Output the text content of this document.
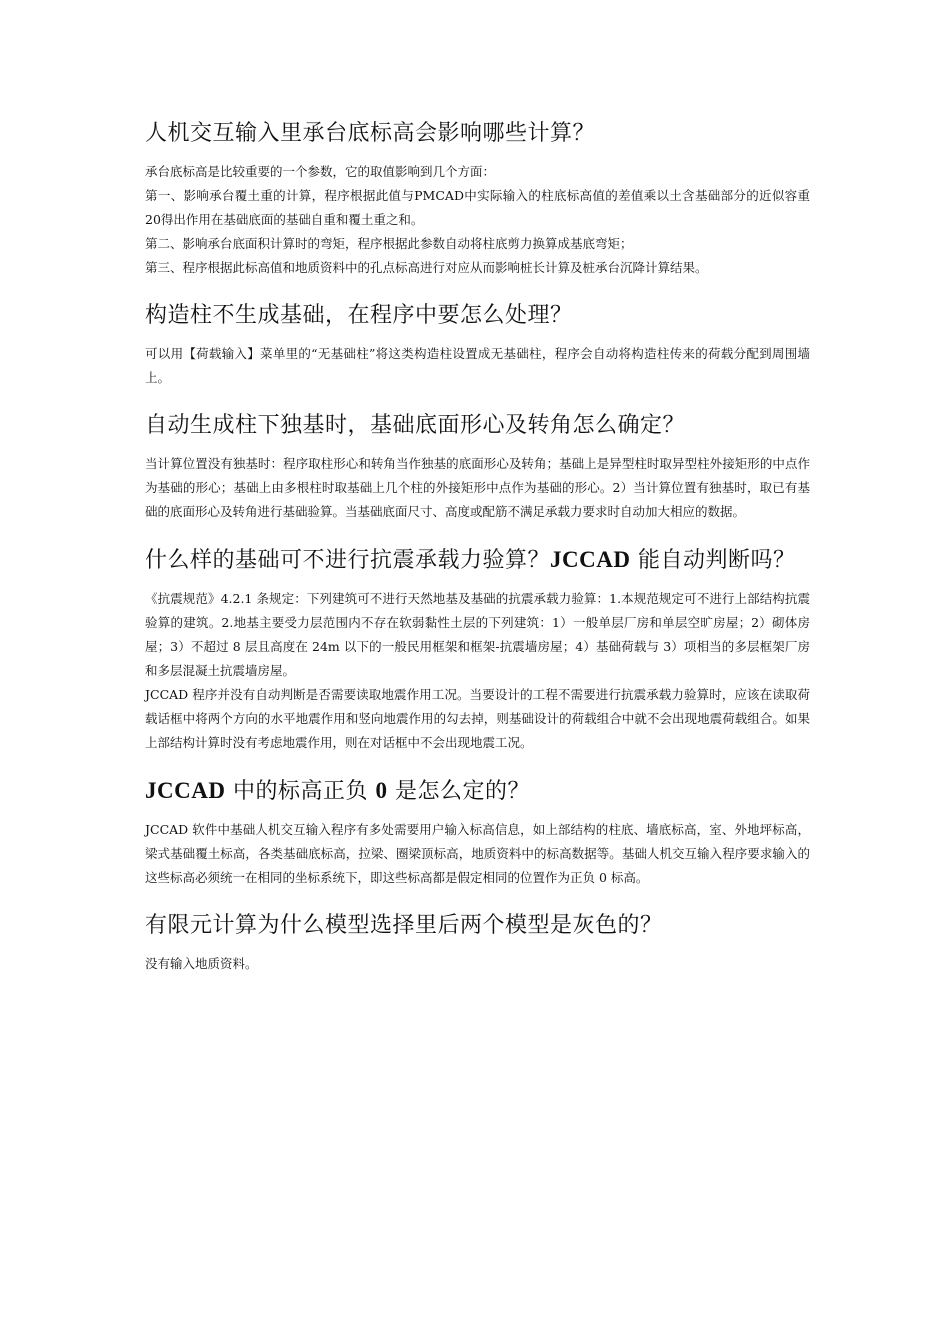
人机交互输入里承台底标高会影响哪些计算？

承台底标高是比较重要的一个参数，它的取值影响到几个方面：

第一、影响承台覆土重的计算，程序根据此值与PMCAD中实际输入的柱底标高值的差值乘以土含基础部分的近似容重20得出作用在基础底面的基础自重和覆土重之和。

第二、影响承台底面积计算时的弯矩，程序根据此参数自动将柱底剪力换算成基底弯矩；

第三、程序根据此标高值和地质资料中的孔点标高进行对应从而影响桩长计算及桩承台沉降计算结果。

构造柱不生成基础，在程序中要怎么处理？

可以用【荷载输入】菜单里的“无基础柱”将这类构造柱设置成无基础柱，程序会自动将构造柱传来的荷载分配到周围墙上。

自动生成柱下独基时，基础底面形心及转角怎么确定？

当计算位置没有独基时：程序取柱形心和转角当作独基的底面形心及转角；基础上是异型柱时取异型柱外接矩形的中点作为基础的形心；基础上由多根柱时取基础上几个柱的外接矩形中点作为基础的形心。2）当计算位置有独基时，取已有基础的底面形心及转角进行基础验算。当基础底面尺寸、高度或配筋不满足承载力要求时自动加大相应的数据。

什么样的基础可不进行抗震承载力验算？JCCAD 能自动判断吗？

《抗震规范》4.2.1 条规定：下列建筑可不进行天然地基及基础的抗震承载力验算：1.本规范规定可不进行上部结构抗震验算的建筑。2.地基主要受力层范围内不存在软弱黏性土层的下列建筑：1）一般单层厂房和单层空旷房屋；2）砌体房屋；3）不超过 8 层且高度在 24m 以下的一般民用框架和框架-抗震墙房屋；4）基础荷载与 3）项相当的多层框架厂房和多层混凝土抗震墙房屋。

JCCAD 程序并没有自动判断是否需要读取地震作用工况。当要设计的工程不需要进行抗震承载力验算时，应该在读取荷载话框中将两个方向的水平地震作用和竖向地震作用的勾去掉，则基础设计的荷载组合中就不会出现地震荷载组合。如果上部结构计算时没有考虑地震作用，则在对话框中不会出现地震工况。

JCCAD 中的标高正负 0 是怎么定的？

JCCAD 软件中基础人机交互输入程序有多处需要用户输入标高信息，如上部结构的柱底、墙底标高，室、外地坪标高，梁式基础覆土标高，各类基础底标高，拉梁、圈梁顶标高，地质资料中的标高数据等。基础人机交互输入程序要求输入的这些标高必须统一在相同的坐标系统下，即这些标高都是假定相同的位置作为正负 0 标高。

有限元计算为什么模型选择里后两个模型是灰色的？

没有输入地质资料。
